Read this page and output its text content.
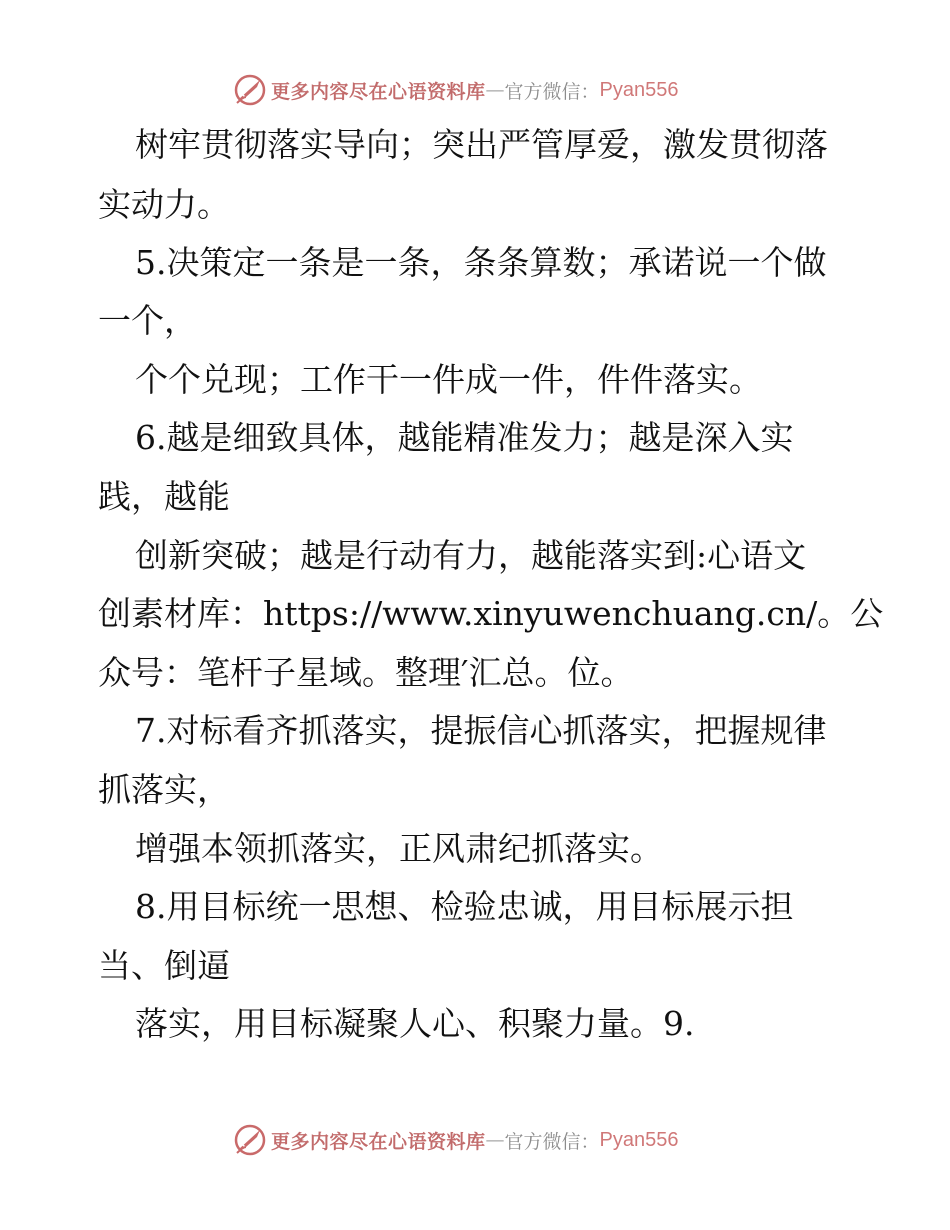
更多内容尽在心语资料库 — 官方微信： Pyan556
树牢贯彻落实导向；突出严管厚爱，激发贯彻落
实动力。
5.决策定一条是一条，条条算数；承诺说一个做
一个，
个个兑现；工作干一件成一件，件件落实。
6.越是细致具体，越能精准发力；越是深入实
践，越能
创新突破；越是行动有力，越能落实到:心语文
创素材库：https://www.xinyuwenchuang.cn/。公
众号：笔杆子星域。整理′汇总。位。
7.对标看齐抓落实，提振信心抓落实，把握规律
抓落实，
增强本领抓落实，正风肃纪抓落实。
8.用目标统一思想、检验忠诚，用目标展示担
当、倒逼
落实，用目标凝聚人心、积聚力量。9.
更多内容尽在心语资料库 — 官方微信： Pyan556
